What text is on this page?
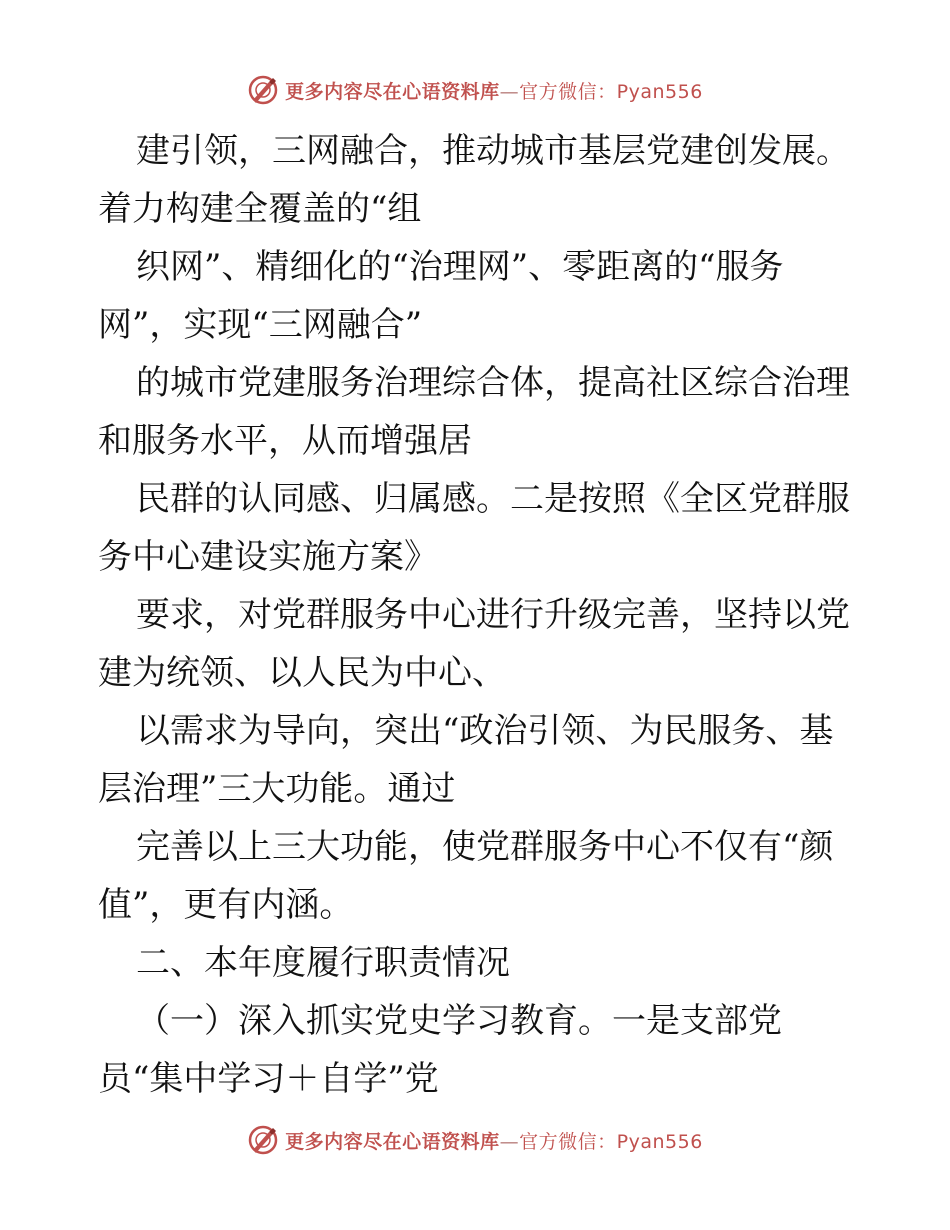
更多内容尽在心语资料库—官方微信：Pyan556
建引领，三网融合，推动城市基层党建创发展。
着力构建全覆盖的“组
织网”、精细化的“治理网”、零距离的“服务
网”，实现“三网融合”
的城市党建服务治理综合体，提高社区综合治理
和服务水平，从而增强居
民群的认同感、归属感。二是按照《全区党群服
务中心建设实施方案》
要求，对党群服务中心进行升级完善，坚持以党
建为统领、以人民为中心、
以需求为导向，突出“政治引领、为民服务、基
层治理”三大功能。通过
完善以上三大功能，使党群服务中心不仅有“颜
值”，更有内涵。
二、本年度履行职责情况
（一）深入抓实党史学习教育。一是支部党
员“集中学习＋自学”党
更多内容尽在心语资料库—官方微信：Pyan556
